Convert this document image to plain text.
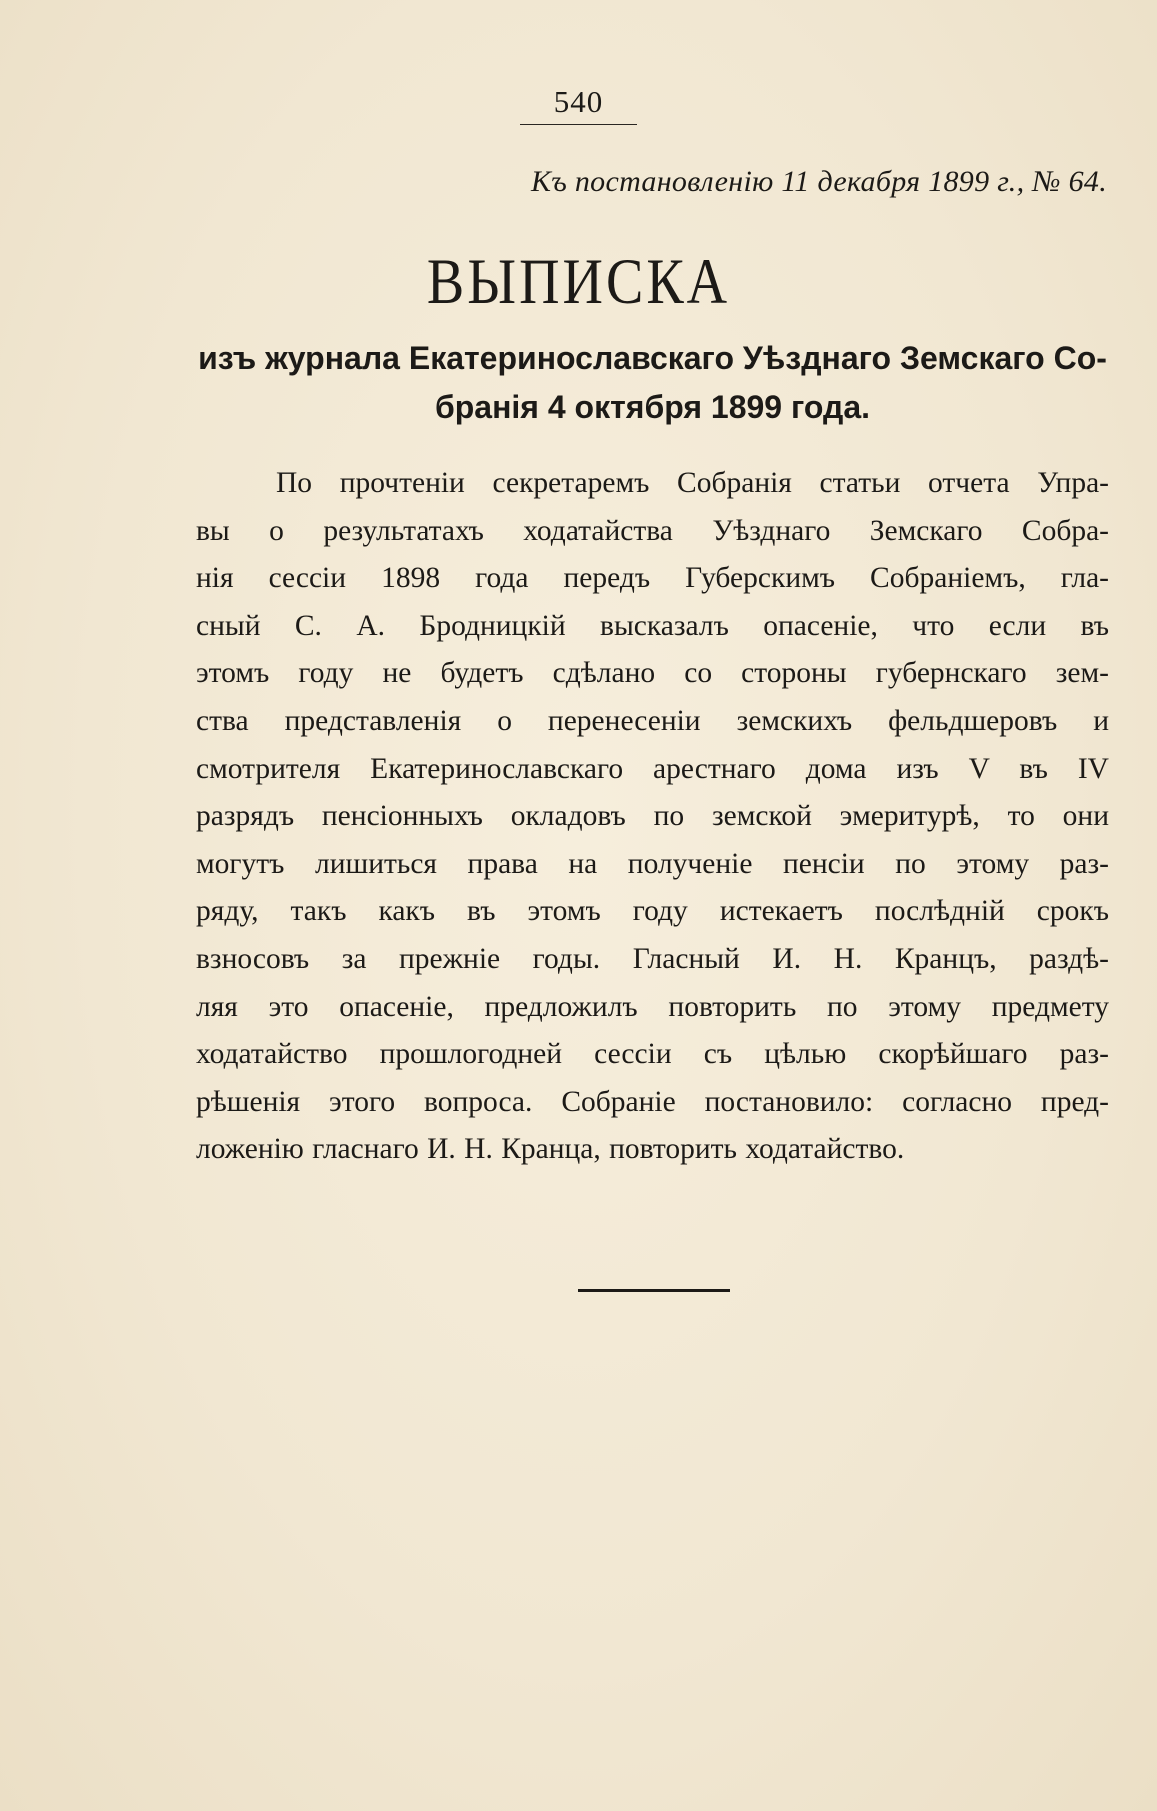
540
Къ постановленію 11 декабря 1899 г., № 64.
ВЫПИСКА
изъ журнала Екатеринославскаго Уѣзднаго Земскаго Со-
бранія 4 октября 1899 года.
По прочтеніи секретаремъ Собранія статьи отчета Упра-
вы о результатахъ ходатайства Уѣзднаго Земскаго Собра-
нія сессіи 1898 года передъ Губерскимъ Собраніемъ, гла-
сный С. А. Бродницкій высказалъ опасеніе, что если въ
этомъ году не будетъ сдѣлано со стороны губернскаго зем-
ства представленія о перенесеніи земскихъ фельдшеровъ и
смотрителя Екатеринославскаго арестнаго дома изъ V въ IV
разрядъ пенсіонныхъ окладовъ по земской эмеритурѣ, то они
могутъ лишиться права на полученіе пенсіи по этому раз-
ряду, такъ какъ въ этомъ году истекаетъ послѣдній срокъ
взносовъ за прежніе годы. Гласный И. Н. Кранцъ, раздѣ-
ляя это опасеніе, предложилъ повторить по этому предмету
ходатайство прошлогодней сессіи съ цѣлью скорѣйшаго раз-
рѣшенія этого вопроса. Собраніе постановило: согласно пред-
ложенію гласнаго И. Н. Кранца, повторить ходатайство.
